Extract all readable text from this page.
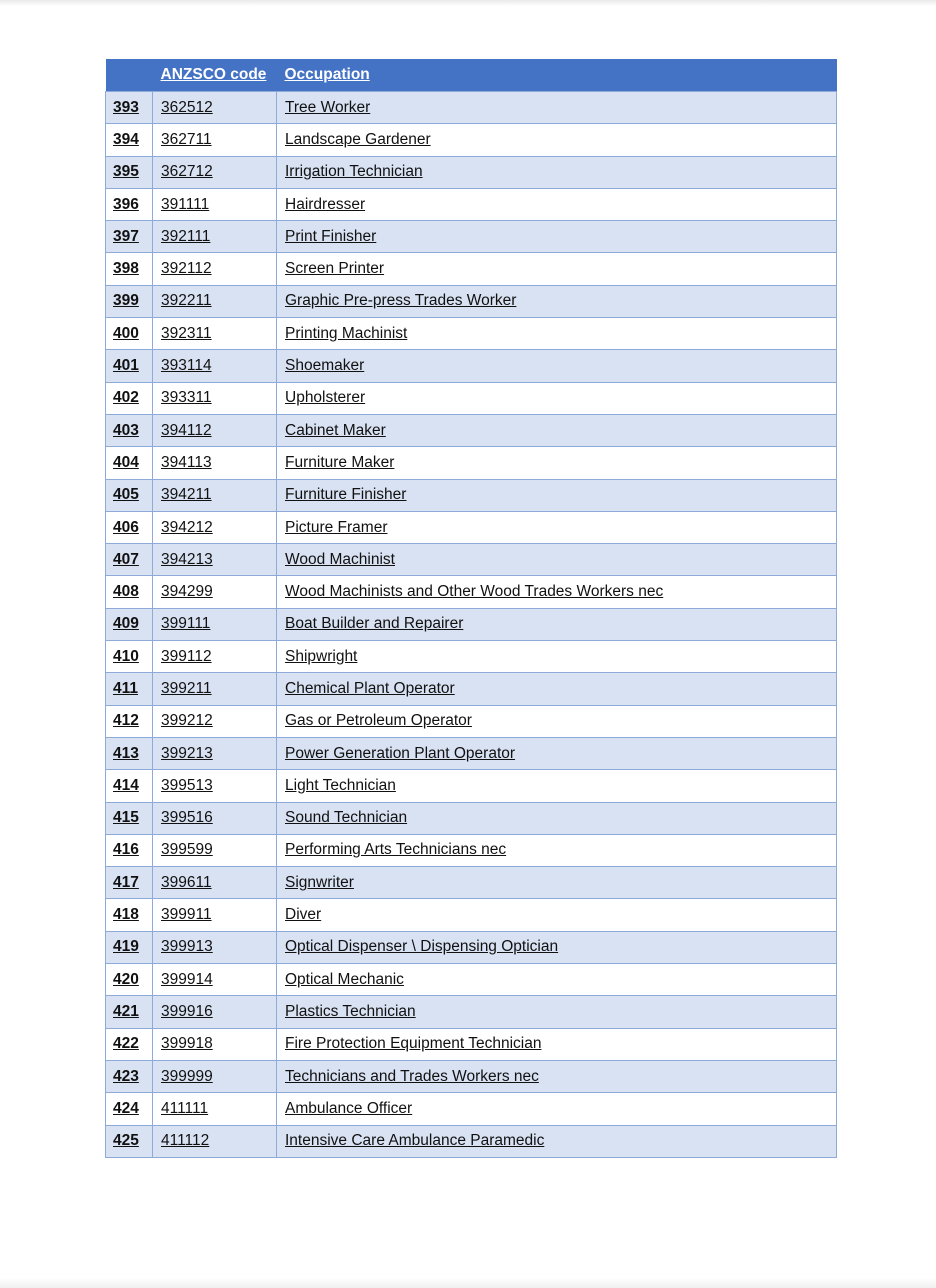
	ANZSCO code	Occupation
393	362512	Tree Worker
394	362711	Landscape Gardener
395	362712	Irrigation Technician
396	391111	Hairdresser
397	392111	Print Finisher
398	392112	Screen Printer
399	392211	Graphic Pre-press Trades Worker
400	392311	Printing Machinist
401	393114	Shoemaker
402	393311	Upholsterer
403	394112	Cabinet Maker
404	394113	Furniture Maker
405	394211	Furniture Finisher
406	394212	Picture Framer
407	394213	Wood Machinist
408	394299	Wood Machinists and Other Wood Trades Workers nec
409	399111	Boat Builder and Repairer
410	399112	Shipwright
411	399211	Chemical Plant Operator
412	399212	Gas or Petroleum Operator
413	399213	Power Generation Plant Operator
414	399513	Light Technician
415	399516	Sound Technician
416	399599	Performing Arts Technicians nec
417	399611	Signwriter
418	399911	Diver
419	399913	Optical Dispenser \ Dispensing Optician
420	399914	Optical Mechanic
421	399916	Plastics Technician
422	399918	Fire Protection Equipment Technician
423	399999	Technicians and Trades Workers nec
424	411111	Ambulance Officer
425	411112	Intensive Care Ambulance Paramedic
